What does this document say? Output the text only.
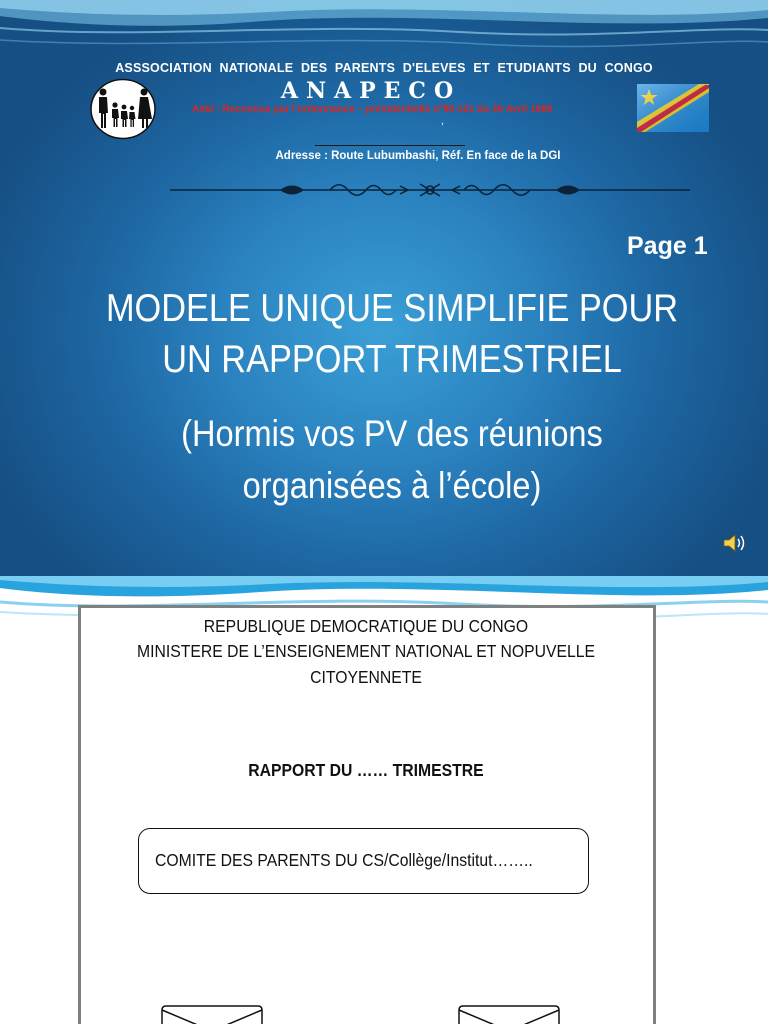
ASSSOCIATION NATIONALE DES PARENTS D'ELEVES ET ETUDIANTS DU CONGO
ANAPECO
Asbl : Reconnue par l’ordonnance – présidentielle n°80-121 du 30 Avril 1980
,
Adresse : Route Lubumbashi, Réf. En face de la DGI
Page 1
MODELE UNIQUE SIMPLIFIE POUR
UN RAPPORT TRIMESTRIEL
(Hormis vos PV des réunions
organisées à l’école)
REPUBLIQUE DEMOCRATIQUE DU CONGO
MINISTERE DE L’ENSEIGNEMENT NATIONAL ET NOPUVELLE
CITOYENNETE
RAPPORT DU …… TRIMESTRE
COMITE DES PARENTS DU CS/Collège/Institut……..
